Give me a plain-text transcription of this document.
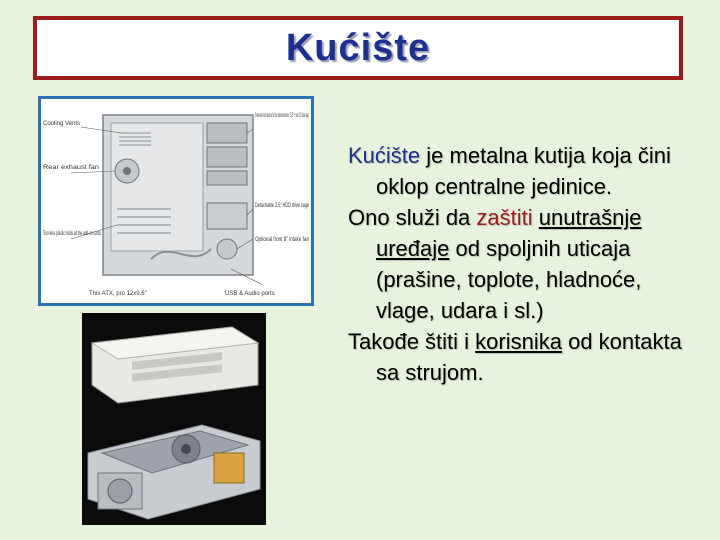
Kućište
Cooling Vents
Rear exhaust fan
Tool-less plastic holds all the add-on cards
Screw-less lock devices for four internal devices: 5.25" + two 3.5" drive bays
Detachable 3.5" HDD drive cage
Optional front 8" intake fan
USB & Audio ports
This ATX, pro 12x9.6"

Kućište je metalna kutija koja čini oklop centralne jedinice.

Ono služi da zaštiti unutrašnje uređaje od spoljnih uticaja (prašine, toplote, hladnoće, vlage, udara i sl.)

Takođe štiti i korisnika od kontakta sa strujom.
